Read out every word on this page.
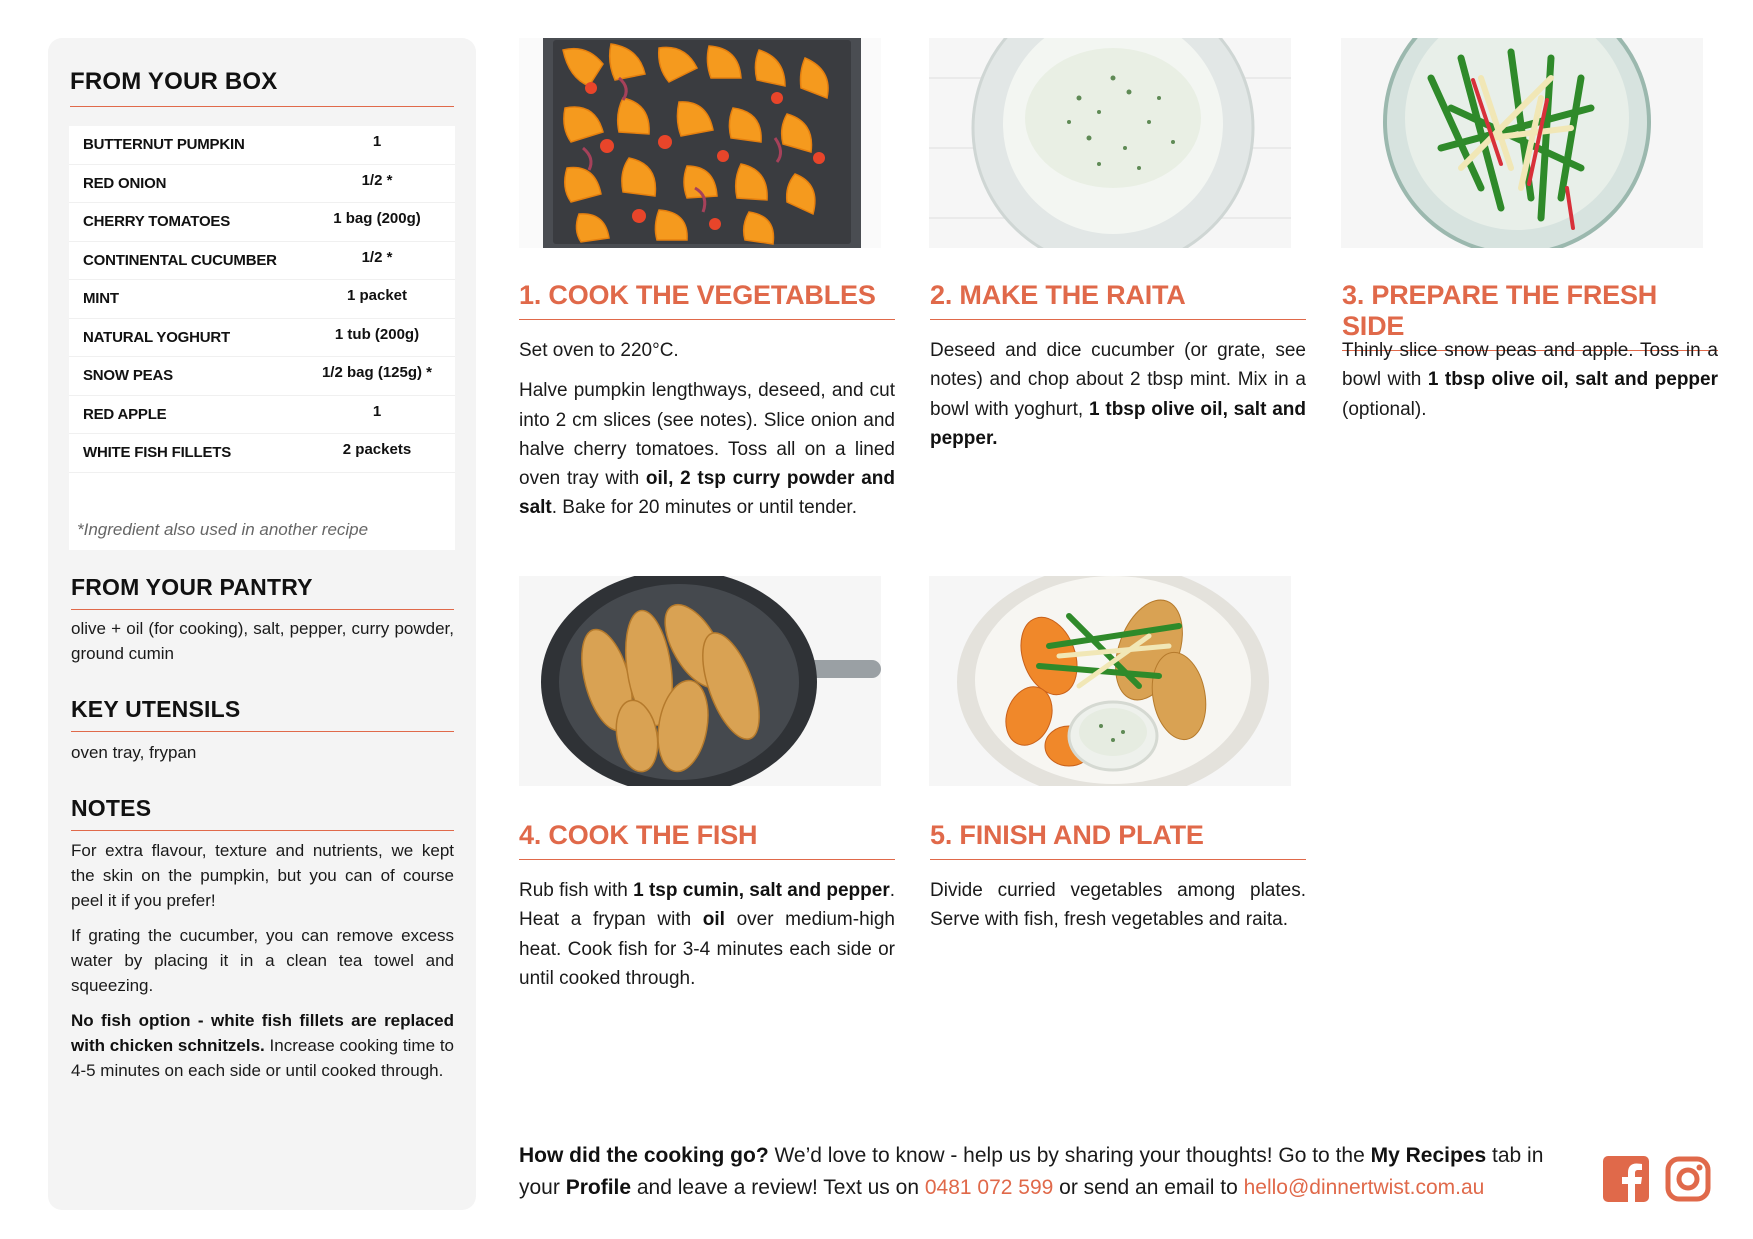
FROM YOUR BOX
BUTTERNUT PUMPKIN	1
RED ONION	1/2 *
CHERRY TOMATOES	1 bag (200g)
CONTINENTAL CUCUMBER	1/2 *
MINT	1 packet
NATURAL YOGHURT	1 tub (200g)
SNOW PEAS	1/2 bag (125g) *
RED APPLE	1
WHITE FISH FILLETS	2 packets
*Ingredient also used in another recipe
FROM YOUR PANTRY
olive + oil (for cooking), salt, pepper, curry powder, ground cumin
KEY UTENSILS
oven tray, frypan
NOTES

For extra flavour, texture and nutrients, we kept the skin on the pumpkin, but you can of course peel it if you prefer!

If grating the cucumber, you can remove excess water by placing it in a clean tea towel and squeezing.

No fish option - white fish fillets are replaced with chicken schnitzels. Increase cooking time to 4-5 minutes on each side or until cooked through.

1. COOK THE VEGETABLES

Set oven to 220°C.

Halve pumpkin lengthways, deseed, and cut into 2 cm slices (see notes). Slice onion and halve cherry tomatoes. Toss all on a lined oven tray with oil, 2 tsp curry powder and salt. Bake for 20 minutes or until tender.

2. MAKE THE RAITA

Deseed and dice cucumber (or grate, see notes) and chop about 2 tbsp mint. Mix in a bowl with yoghurt, 1 tbsp olive oil, salt and pepper.

3. PREPARE THE FRESH SIDE

Thinly slice snow peas and apple. Toss in a bowl with 1 tbsp olive oil, salt and pepper (optional).

4. COOK THE FISH

Rub fish with 1 tsp cumin, salt and pepper. Heat a frypan with oil over medium-high heat. Cook fish for 3-4 minutes each side or until cooked through.

5. FINISH AND PLATE

Divide curried vegetables among plates. Serve with fish, fresh vegetables and raita.

How did the cooking go? We’d love to know - help us by sharing your thoughts! Go to the My Recipes tab in your Profile and leave a review! Text us on 0481 072 599 or send an email to hello@dinnertwist.com.au
